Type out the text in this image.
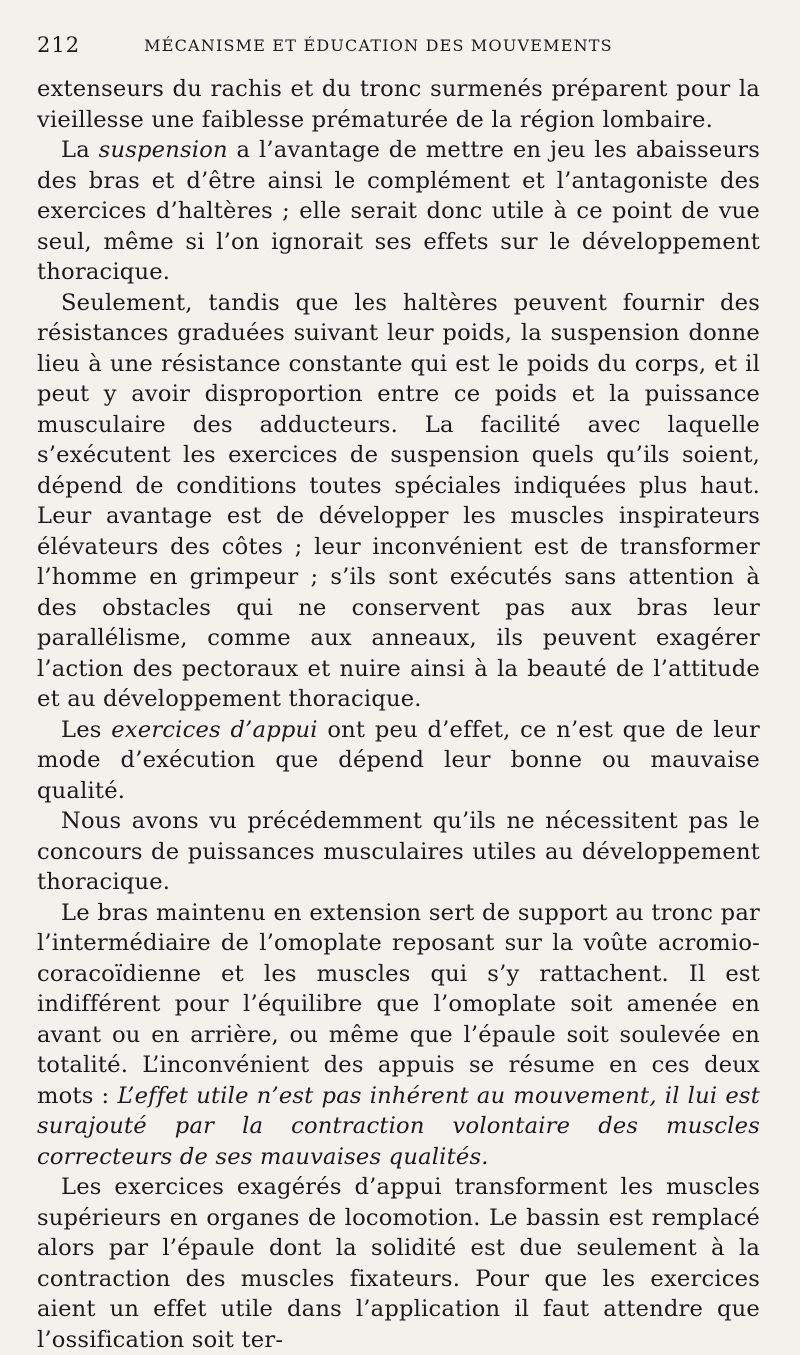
212	MÉCANISME ET ÉDUCATION DES MOUVEMENTS

extenseurs du rachis et du tronc surmenés préparent pour la vieillesse une faiblesse prématurée de la région lombaire.

La suspension a l’avantage de mettre en jeu les abaisseurs des bras et d’être ainsi le complément et l’antagoniste des exercices d’haltères ; elle serait donc utile à ce point de vue seul, même si l’on ignorait ses effets sur le développement thoracique.

Seulement, tandis que les haltères peuvent fournir des résistances graduées suivant leur poids, la suspension donne lieu à une résistance constante qui est le poids du corps, et il peut y avoir disproportion entre ce poids et la puissance musculaire des adducteurs. La facilité avec laquelle s’exécutent les exercices de suspension quels qu’ils soient, dépend de conditions toutes spéciales indiquées plus haut. Leur avantage est de développer les muscles inspirateurs élévateurs des côtes ; leur inconvénient est de transformer l’homme en grimpeur ; s’ils sont exécutés sans attention à des obstacles qui ne conservent pas aux bras leur parallélisme, comme aux anneaux, ils peuvent exagérer l’action des pectoraux et nuire ainsi à la beauté de l’attitude et au développement thoracique.

Les exercices d’appui ont peu d’effet, ce n’est que de leur mode d’exécution que dépend leur bonne ou mauvaise qualité.

Nous avons vu précédemment qu’ils ne nécessitent pas le concours de puissances musculaires utiles au développement thoracique.

Le bras maintenu en extension sert de support au tronc par l’intermédiaire de l’omoplate reposant sur la voûte acromio-coracoïdienne et les muscles qui s’y rattachent. Il est indifférent pour l’équilibre que l’omoplate soit amenée en avant ou en arrière, ou même que l’épaule soit soulevée en totalité. L’inconvénient des appuis se résume en ces deux mots : L’effet utile n’est pas inhérent au mouvement, il lui est surajouté par la contraction volontaire des muscles correcteurs de ses mauvaises qualités.

Les exercices exagérés d’appui transforment les muscles supérieurs en organes de locomotion. Le bassin est remplacé alors par l’épaule dont la solidité est due seulement à la contraction des muscles fixateurs. Pour que les exercices aient un effet utile dans l’application il faut attendre que l’ossification soit ter-
